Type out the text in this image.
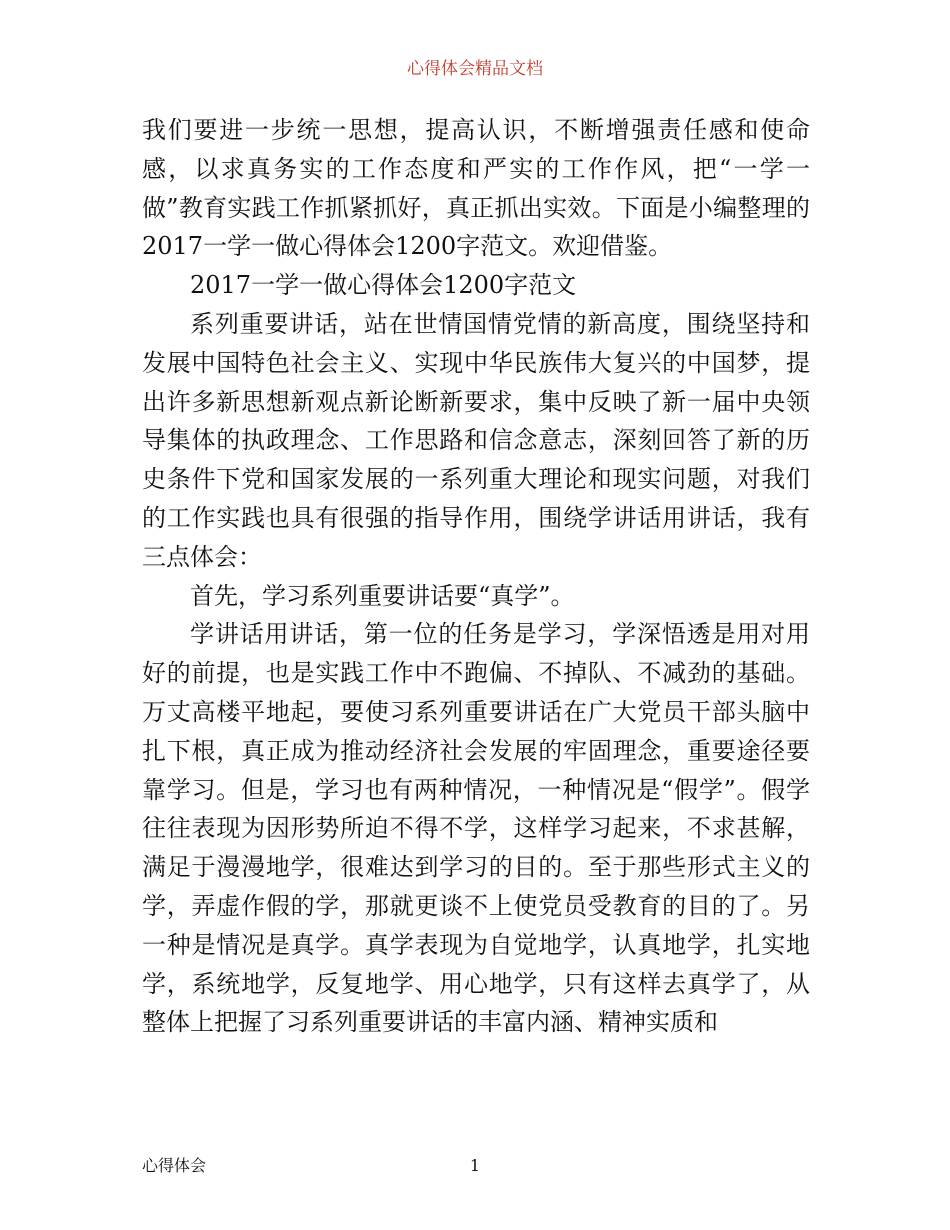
心得体会精品文档

我们要进一步统一思想，提高认识，不断增强责任感和使命感，以求真务实的工作态度和严实的工作作风，把“一学一做”教育实践工作抓紧抓好，真正抓出实效。下面是小编整理的2017一学一做心得体会1200字范文。欢迎借鉴。

2017一学一做心得体会1200字范文

系列重要讲话，站在世情国情党情的新高度，围绕坚持和发展中国特色社会主义、实现中华民族伟大复兴的中国梦，提出许多新思想新观点新论断新要求，集中反映了新一届中央领导集体的执政理念、工作思路和信念意志，深刻回答了新的历史条件下党和国家发展的一系列重大理论和现实问题，对我们的工作实践也具有很强的指导作用，围绕学讲话用讲话，我有三点体会：

首先，学习系列重要讲话要“真学”。

学讲话用讲话，第一位的任务是学习，学深悟透是用对用好的前提，也是实践工作中不跑偏、不掉队、不减劲的基础。万丈高楼平地起，要使习系列重要讲话在广大党员干部头脑中扎下根，真正成为推动经济社会发展的牢固理念，重要途径要靠学习。但是，学习也有两种情况，一种情况是“假学”。假学往往表现为因形势所迫不得不学，这样学习起来，不求甚解，满足于漫漫地学，很难达到学习的目的。至于那些形式主义的学，弄虚作假的学，那就更谈不上使党员受教育的目的了。另一种是情况是真学。真学表现为自觉地学，认真地学，扎实地学，系统地学，反复地学、用心地学，只有这样去真学了，从整体上把握了习系列重要讲话的丰富内涵、精神实质和

心得体会	1
